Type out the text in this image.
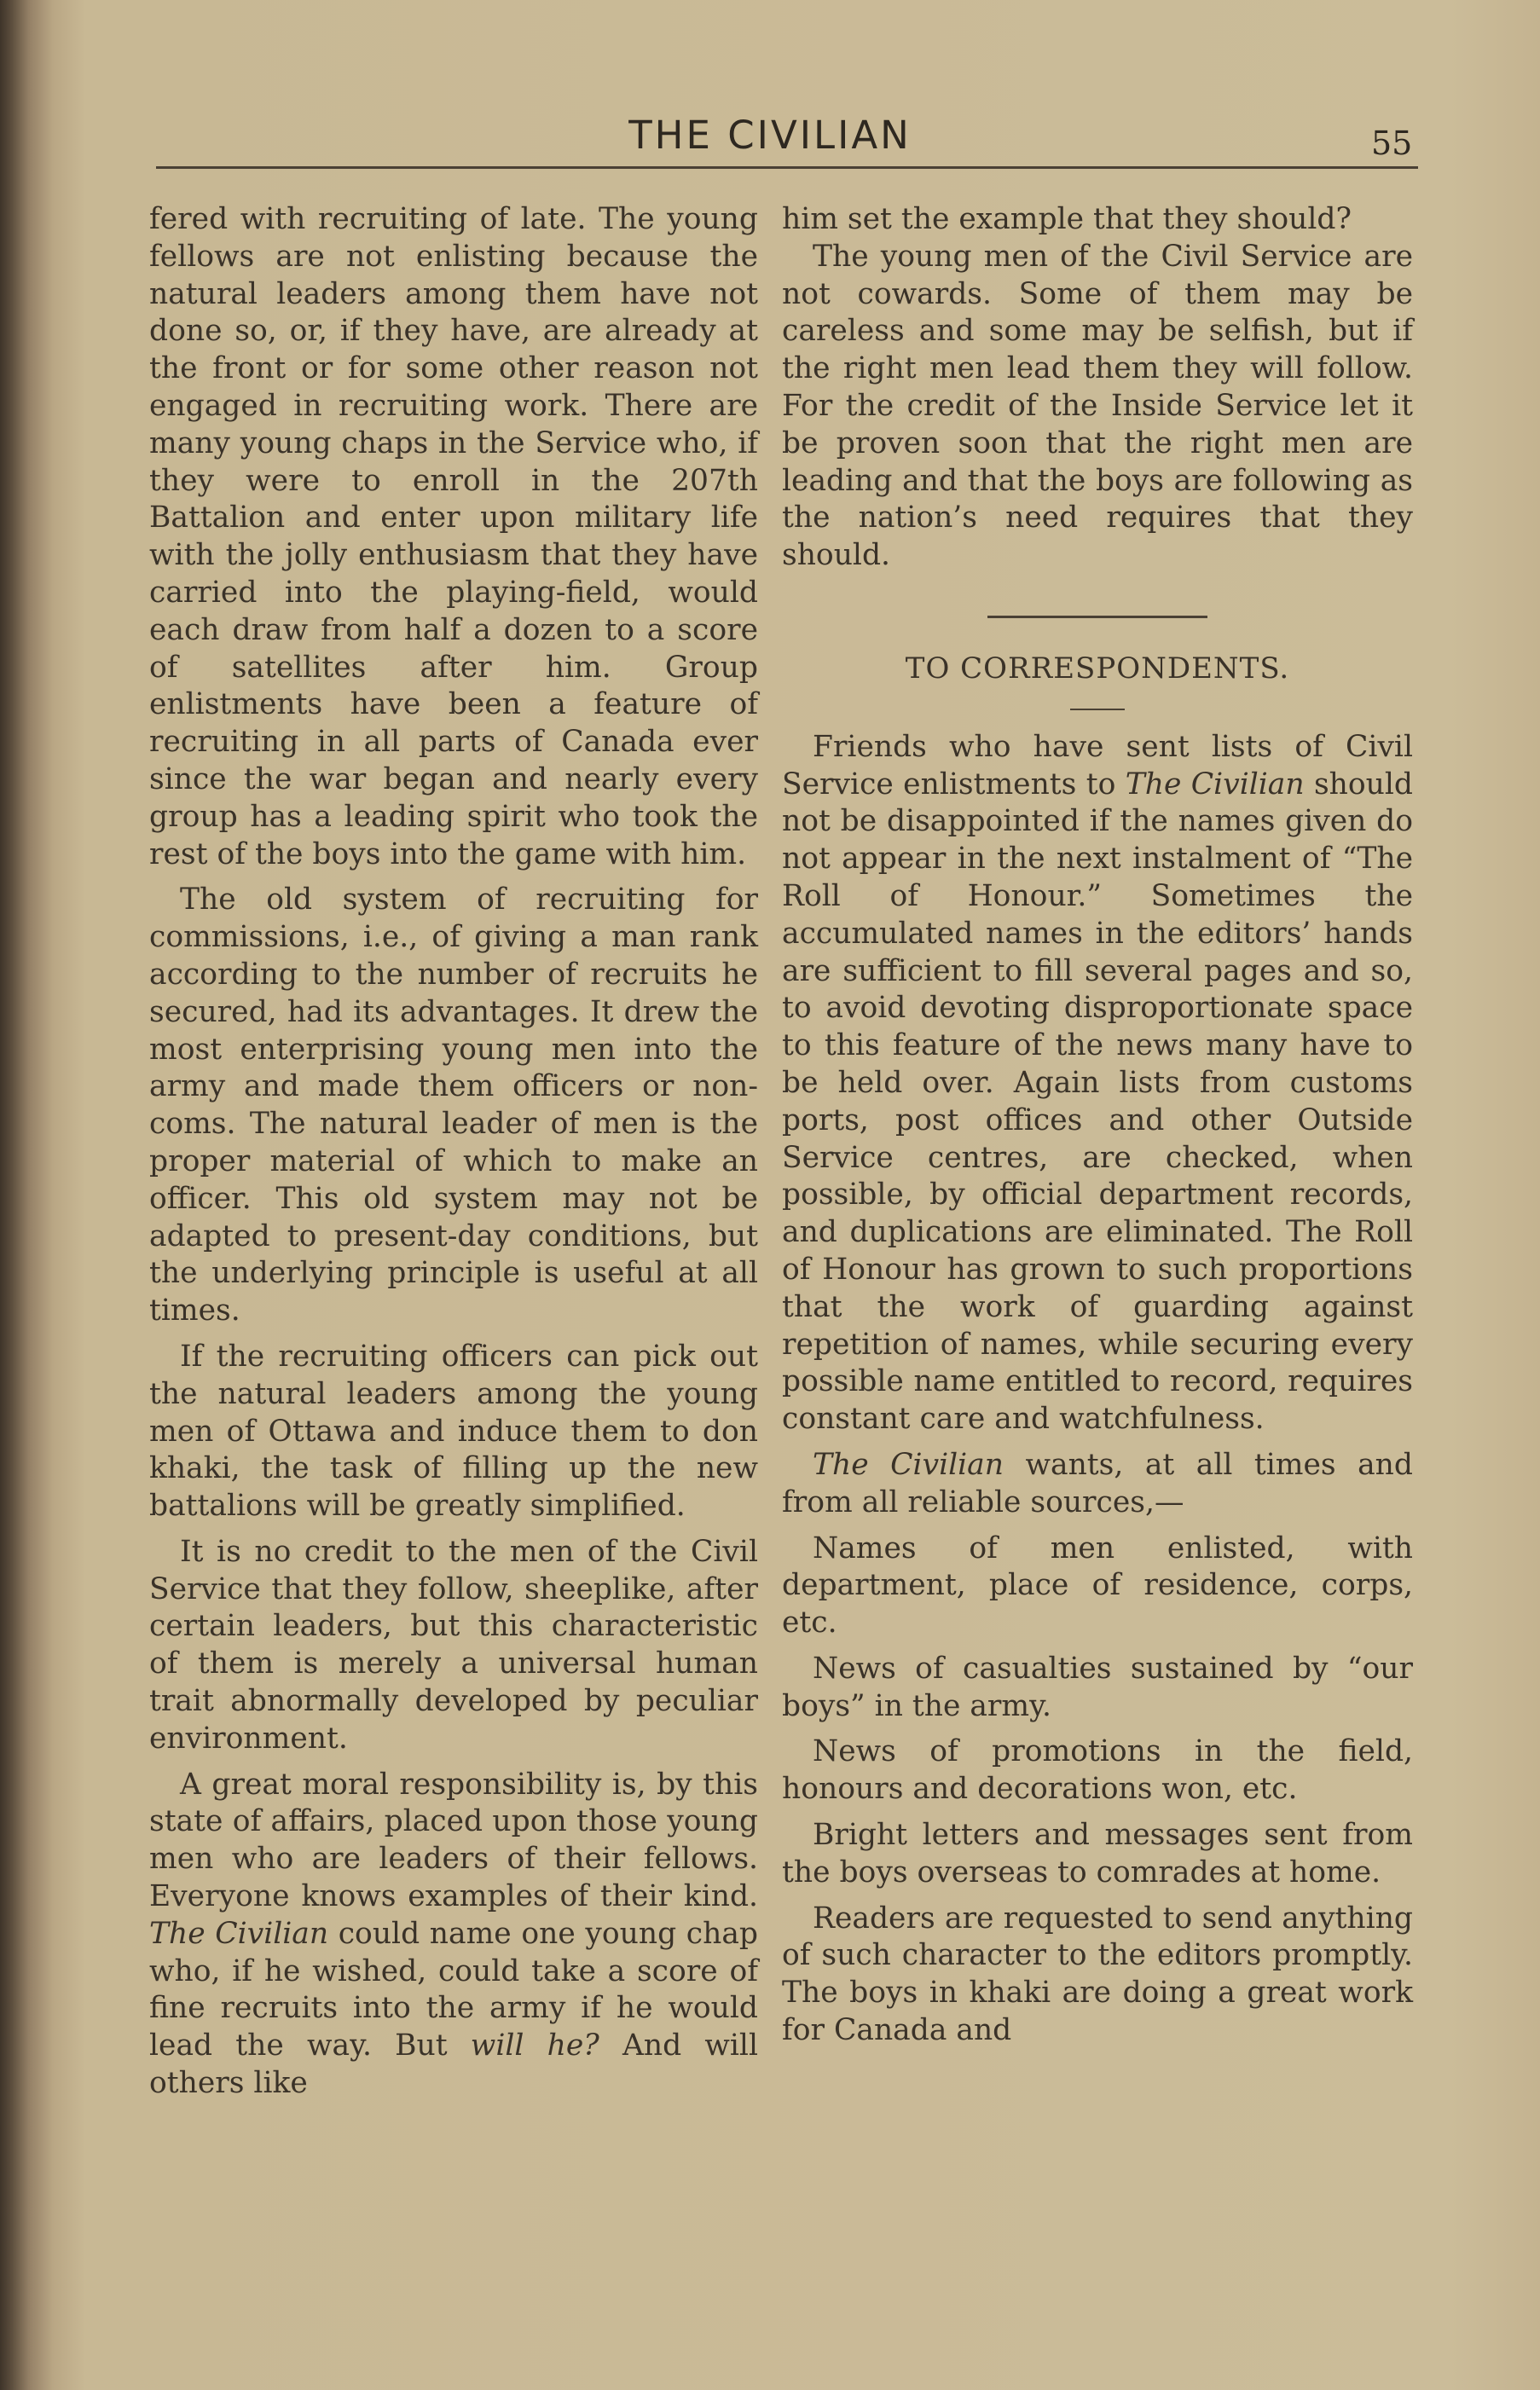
THE CIVILIAN	55

fered with recruiting of late. The young fellows are not enlisting because the natural leaders among them have not done so, or, if they have, are already at the front or for some other reason not engaged in recruiting work. There are many young chaps in the Service who, if they were to enroll in the 207th Battalion and enter upon military life with the jolly enthusiasm that they have carried into the playing-field, would each draw from half a dozen to a score of satellites after him. Group enlistments have been a feature of recruiting in all parts of Canada ever since the war began and nearly every group has a leading spirit who took the rest of the boys into the game with him.

The old system of recruiting for commissions, i.e., of giving a man rank according to the number of recruits he secured, had its advantages. It drew the most enterprising young men into the army and made them officers or non-coms. The natural leader of men is the proper material of which to make an officer. This old system may not be adapted to present-day conditions, but the underlying principle is useful at all times.

If the recruiting officers can pick out the natural leaders among the young men of Ottawa and induce them to don khaki, the task of filling up the new battalions will be greatly simplified.

It is no credit to the men of the Civil Service that they follow, sheeplike, after certain leaders, but this characteristic of them is merely a universal human trait abnormally developed by peculiar environment.

A great moral responsibility is, by this state of affairs, placed upon those young men who are leaders of their fellows. Everyone knows examples of their kind. The Civilian could name one young chap who, if he wished, could take a score of fine recruits into the army if he would lead the way. But will he? And will others like

him set the example that they should?

The young men of the Civil Service are not cowards. Some of them may be careless and some may be selfish, but if the right men lead them they will follow. For the credit of the Inside Service let it be proven soon that the right men are leading and that the boys are following as the nation’s need requires that they should.

TO CORRESPONDENTS.

Friends who have sent lists of Civil Service enlistments to The Civilian should not be disappointed if the names given do not appear in the next instalment of “The Roll of Honour.” Sometimes the accumulated names in the editors’ hands are sufficient to fill several pages and so, to avoid devoting disproportionate space to this feature of the news many have to be held over. Again lists from customs ports, post offices and other Outside Service centres, are checked, when possible, by official department records, and duplications are eliminated. The Roll of Honour has grown to such proportions that the work of guarding against repetition of names, while securing every possible name entitled to record, requires constant care and watchfulness.

The Civilian wants, at all times and from all reliable sources,—

Names of men enlisted, with department, place of residence, corps, etc.

News of casualties sustained by “our boys” in the army.

News of promotions in the field, honours and decorations won, etc.

Bright letters and messages sent from the boys overseas to comrades at home.

Readers are requested to send anything of such character to the editors promptly. The boys in khaki are doing a great work for Canada and
